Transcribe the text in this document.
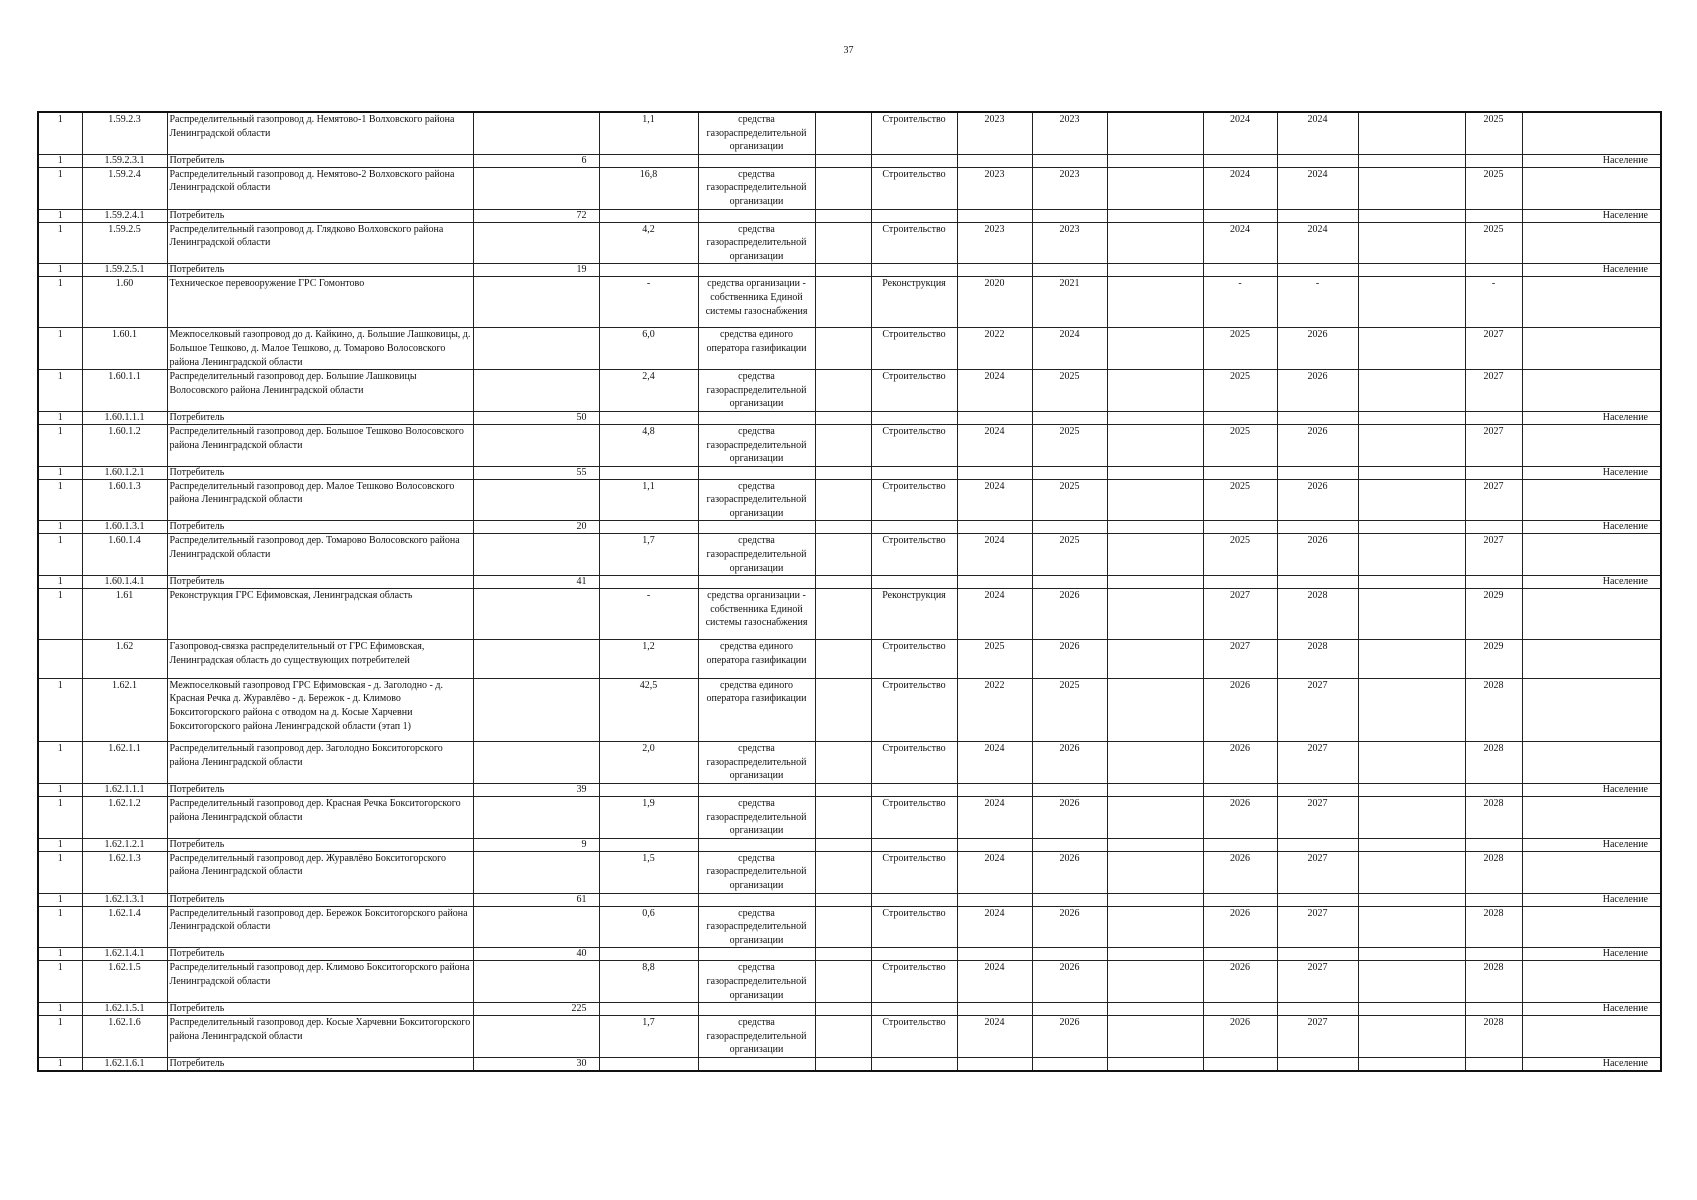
37
1	1.59.2.3	Распределительный газопровод д. Немятово-1 Волховского района Ленинградской области		1,1	средства газораспределительной организации		Строительство	2023	2023		2024	2024		2025	
1	1.59.2.3.1	Потребитель	6												Население
1	1.59.2.4	Распределительный газопровод д. Немятово-2 Волховского района Ленинградской области		16,8	средства газораспределительной организации		Строительство	2023	2023		2024	2024		2025	
1	1.59.2.4.1	Потребитель	72												Население
1	1.59.2.5	Распределительный газопровод д. Глядково Волховского района Ленинградской области		4,2	средства газораспределительной организации		Строительство	2023	2023		2024	2024		2025	
1	1.59.2.5.1	Потребитель	19												Население
1	1.60	Техническое перевооружение ГРС Гомонтово		-	средства организации - собственника Единой системы газоснабжения		Реконструкция	2020	2021		-	-		-	
1	1.60.1	Межпоселковый газопровод до д. Кайкино, д. Большие Лашковицы, д. Большое Тешково, д. Малое Тешково, д. Томарово Волосовского района Ленинградской области		6,0	средства единого оператора газификации		Строительство	2022	2024		2025	2026		2027	
1	1.60.1.1	Распределительный газопровод дер. Большие Лашковицы Волосовского района Ленинградской области		2,4	средства газораспределительной организации		Строительство	2024	2025		2025	2026		2027	
1	1.60.1.1.1	Потребитель	50												Население
1	1.60.1.2	Распределительный газопровод дер. Большое Тешково Волосовского района Ленинградской области		4,8	средства газораспределительной организации		Строительство	2024	2025		2025	2026		2027	
1	1.60.1.2.1	Потребитель	55												Население
1	1.60.1.3	Распределительный газопровод дер. Малое Тешково Волосовского района Ленинградской области		1,1	средства газораспределительной организации		Строительство	2024	2025		2025	2026		2027	
1	1.60.1.3.1	Потребитель	20												Население
1	1.60.1.4	Распределительный газопровод дер. Томарово Волосовского района Ленинградской области		1,7	средства газораспределительной организации		Строительство	2024	2025		2025	2026		2027	
1	1.60.1.4.1	Потребитель	41												Население
1	1.61	Реконструкция ГРС Ефимовская, Ленинградская область		-	средства организации - собственника Единой системы газоснабжения		Реконструкция	2024	2026		2027	2028		2029	
	1.62	Газопровод-связка распределительный от ГРС Ефимовская, Ленинградская область до существующих потребителей		1,2	средства единого оператора газификации		Строительство	2025	2026		2027	2028		2029	
1	1.62.1	Межпоселковый газопровод ГРС Ефимовская - д. Заголодно - д. Красная Речка д. Журавлёво - д. Бережок - д. Климово Бокситогорского района с отводом на д. Косые Харчевни Бокситогорского района Ленинградской области (этап 1)		42,5	средства единого оператора газификации		Строительство	2022	2025		2026	2027		2028	
1	1.62.1.1	Распределительный газопровод дер. Заголодно Бокситогорского района Ленинградской области		2,0	средства газораспределительной организации		Строительство	2024	2026		2026	2027		2028	
1	1.62.1.1.1	Потребитель	39												Население
1	1.62.1.2	Распределительный газопровод дер. Красная Речка Бокситогорского района Ленинградской области		1,9	средства газораспределительной организации		Строительство	2024	2026		2026	2027		2028	
1	1.62.1.2.1	Потребитель	9												Население
1	1.62.1.3	Распределительный газопровод дер. Журавлёво Бокситогорского района Ленинградской области		1,5	средства газораспределительной организации		Строительство	2024	2026		2026	2027		2028	
1	1.62.1.3.1	Потребитель	61												Население
1	1.62.1.4	Распределительный газопровод дер. Бережок Бокситогорского района Ленинградской области		0,6	средства газораспределительной организации		Строительство	2024	2026		2026	2027		2028	
1	1.62.1.4.1	Потребитель	40												Население
1	1.62.1.5	Распределительный газопровод дер. Климово Бокситогорского района Ленинградской области		8,8	средства газораспределительной организации		Строительство	2024	2026		2026	2027		2028	
1	1.62.1.5.1	Потребитель	225												Население
1	1.62.1.6	Распределительный газопровод дер. Косые Харчевни Бокситогорского района Ленинградской области		1,7	средства газораспределительной организации		Строительство	2024	2026		2026	2027		2028	
1	1.62.1.6.1	Потребитель	30												Население
